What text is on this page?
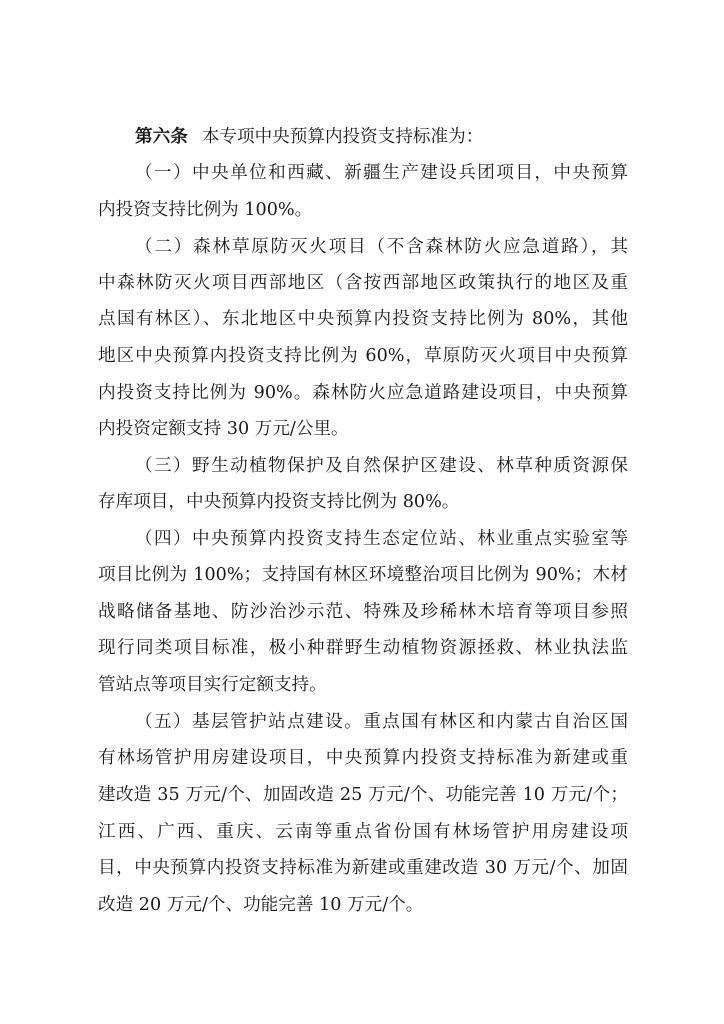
第六条 本专项中央预算内投资支持标准为：
（一）中央单位和西藏、新疆生产建设兵团项目，中央预算
内投资支持比例为 100%。
（二）森林草原防灭火项目（不含森林防火应急道路），其
中森林防灭火项目西部地区（含按西部地区政策执行的地区及重
点国有林区）、东北地区中央预算内投资支持比例为 80%，其他
地区中央预算内投资支持比例为 60%，草原防灭火项目中央预算
内投资支持比例为 90%。森林防火应急道路建设项目，中央预算
内投资定额支持 30 万元/公里。
（三）野生动植物保护及自然保护区建设、林草种质资源保
存库项目，中央预算内投资支持比例为 80%。
（四）中央预算内投资支持生态定位站、林业重点实验室等
项目比例为 100%；支持国有林区环境整治项目比例为 90%；木材
战略储备基地、防沙治沙示范、特殊及珍稀林木培育等项目参照
现行同类项目标准，极小种群野生动植物资源拯救、林业执法监
管站点等项目实行定额支持。
（五）基层管护站点建设。重点国有林区和内蒙古自治区国
有林场管护用房建设项目，中央预算内投资支持标准为新建或重
建改造 35 万元/个、加固改造 25 万元/个、功能完善 10 万元/个；
江西、广西、重庆、云南等重点省份国有林场管护用房建设项
目，中央预算内投资支持标准为新建或重建改造 30 万元/个、加固
改造 20 万元/个、功能完善 10 万元/个。
